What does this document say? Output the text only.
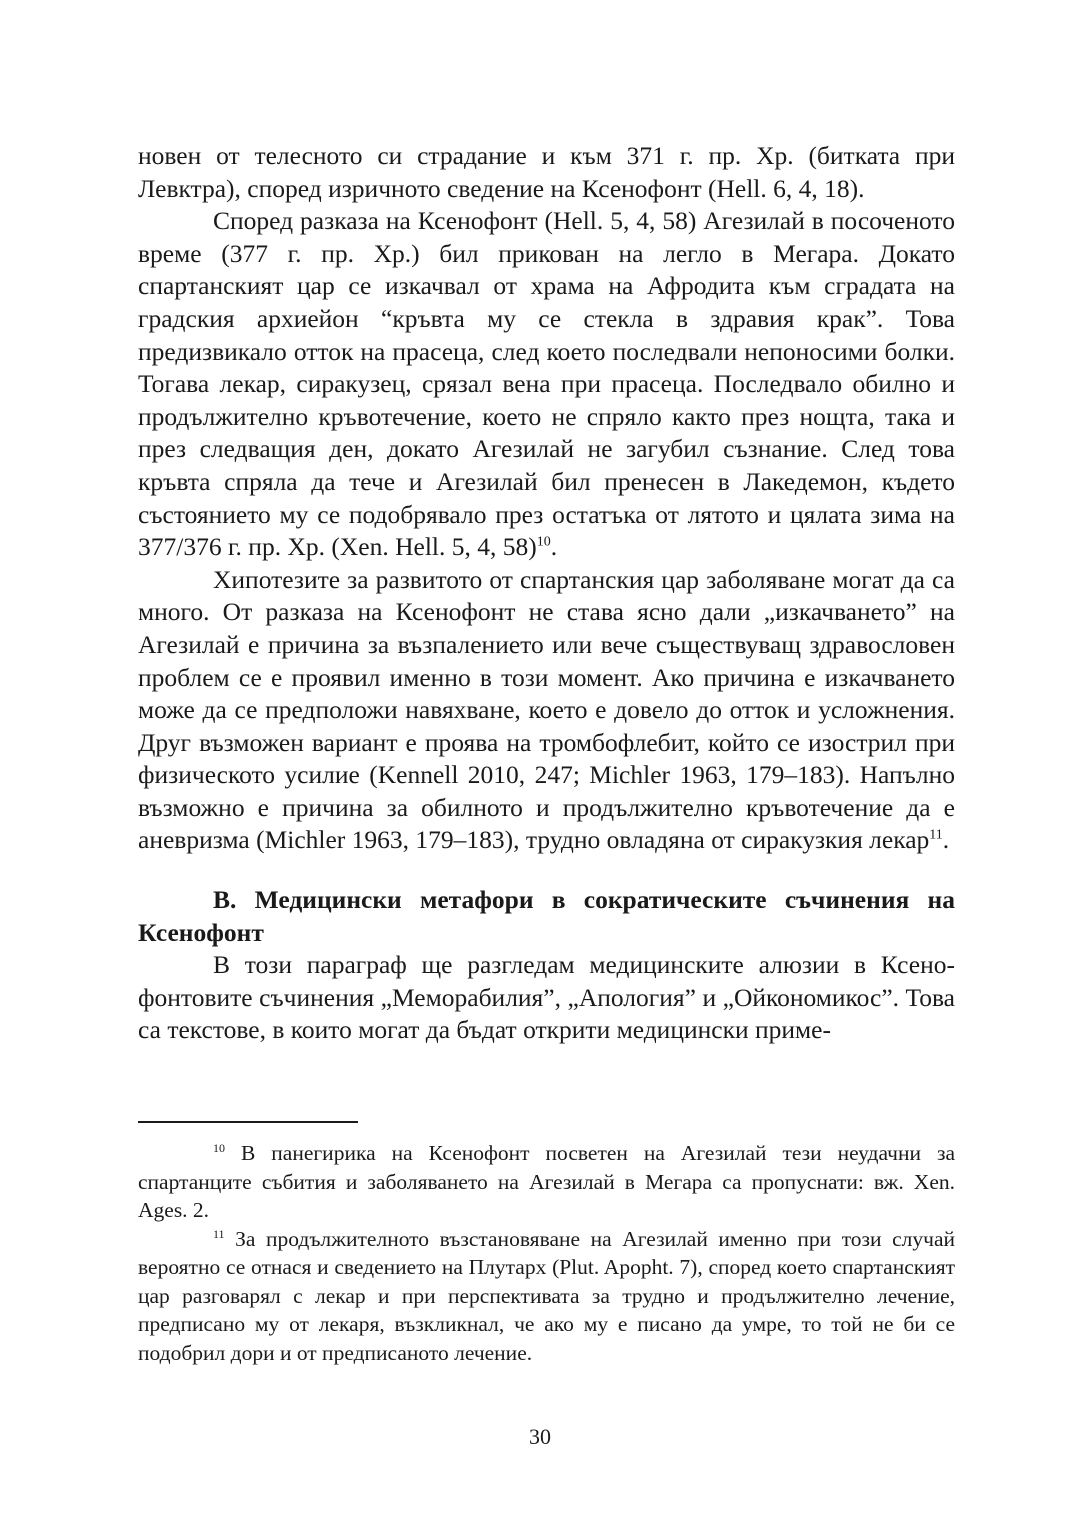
новен от телесното си страдание и към 371 г. пр. Хр. (битката при Левктра), според изричното сведение на Ксенофонт (Hell. 6, 4, 18).

Според разказа на Ксенофонт (Hell. 5, 4, 58) Агезилай в посоченото време (377 г. пр. Хр.) бил прикован на легло в Мегара. Докато спартанският цар се изкачвал от храма на Афродита към сградата на градския архиейон “кръвта му се стекла в здравия крак”. Това предизвикало отток на прасеца, след което последвали непоносими болки. Тогава лекар, сиракузец, срязал вена при прасеца. Последвало обилно и продължително кръвотечение, което не спряло както през нощта, така и през следващия ден, докато Агезилай не загубил съзнание. След това кръвта спряла да тече и Агезилай бил пренесен в Лакедемон, където състоянието му се подобрявало през остатъка от лятото и цялата зима на 377/376 г. пр. Хр. (Xen. Hell. 5, 4, 58)$^{10}$.

Хипотезите за развитото от спартанския цар заболяване могат да са много. От разказа на Ксенофонт не става ясно дали „изкачването” на Агезилай е причина за възпалението или вече съществуващ здравословен проблем се е проявил именно в този момент. Ако причина е изкачването може да се предположи навяхване, което е довело до отток и усложнения. Друг възможен вариант е проява на тромбофлебит, който се изострил при физическото усилие (Kennell 2010, 247; Michler 1963, 179–183). Напълно възможно е причина за обилното и продължително кръвотечение да е аневризма (Michler 1963, 179–183), трудно овладяна от сиракузкия лекар$^{11}$.

В. Медицински метафори в сократическите съчинения на Ксенофонт

В този параграф ще разгледам медицинските алюзии в Ксенофонтовите съчинения „Меморабилия”, „Апология” и „Ойкономикос”. Това са текстове, в които могат да бъдат открити медицински приме-

$^{10}$ В панегирика на Ксенофонт посветен на Агезилай тези неудачни за спартанците събития и заболяването на Агезилай в Мегара са пропуснати: вж. Xen. Ages. 2.

$^{11}$ За продължителното възстановяване на Агезилай именно при този случай вероятно се отнася и сведението на Плутарх (Plut. Apopht. 7), според което спартанският цар разговарял с лекар и при перспективата за трудно и продължително лечение, предписано му от лекаря, възкликнал, че ако му е писано да умре, то той не би се подобрил дори и от предписаното лечение.

30
